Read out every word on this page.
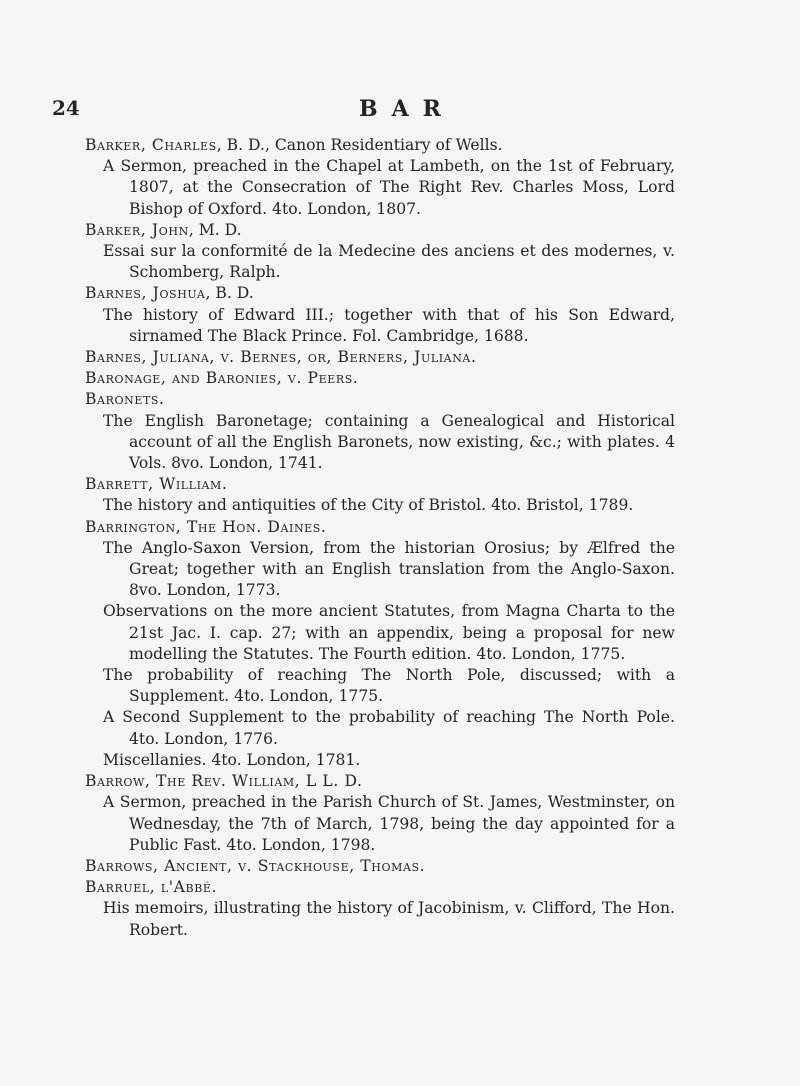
24	BAR

Barker, Charles, B. D., Canon Residentiary of Wells.

A Sermon, preached in the Chapel at Lambeth, on the 1st of February, 1807, at the Consecration of The Right Rev. Charles Moss, Lord Bishop of Oxford. 4to. London, 1807.

Barker, John, M. D.

Essai sur la conformité de la Medecine des anciens et des modernes, v. Schomberg, Ralph.

Barnes, Joshua, B. D.

The history of Edward III.; together with that of his Son Edward, sirnamed The Black Prince. Fol. Cambridge, 1688.

Barnes, Juliana, v. Bernes, or, Berners, Juliana.

Baronage, and Baronies, v. Peers.

Baronets.

The English Baronetage; containing a Genealogical and Historical account of all the English Baronets, now existing, &c.; with plates. 4 Vols. 8vo. London, 1741.

Barrett, William.

The history and antiquities of the City of Bristol. 4to. Bristol, 1789.

Barrington, The Hon. Daines.

The Anglo-Saxon Version, from the historian Orosius; by Ælfred the Great; together with an English translation from the Anglo-Saxon. 8vo. London, 1773.

Observations on the more ancient Statutes, from Magna Charta to the 21st Jac. I. cap. 27; with an appendix, being a proposal for new modelling the Statutes. The Fourth edition. 4to. London, 1775.

The probability of reaching The North Pole, discussed; with a Supplement. 4to. London, 1775.

A Second Supplement to the probability of reaching The North Pole. 4to. London, 1776.

Miscellanies. 4to. London, 1781.

Barrow, The Rev. William, L L. D.

A Sermon, preached in the Parish Church of St. James, Westminster, on Wednesday, the 7th of March, 1798, being the day appointed for a Public Fast. 4to. London, 1798.

Barrows, Ancient, v. Stackhouse, Thomas.

Barruel, l'Abbé.

His memoirs, illustrating the history of Jacobinism, v. Clifford, The Hon. Robert.
